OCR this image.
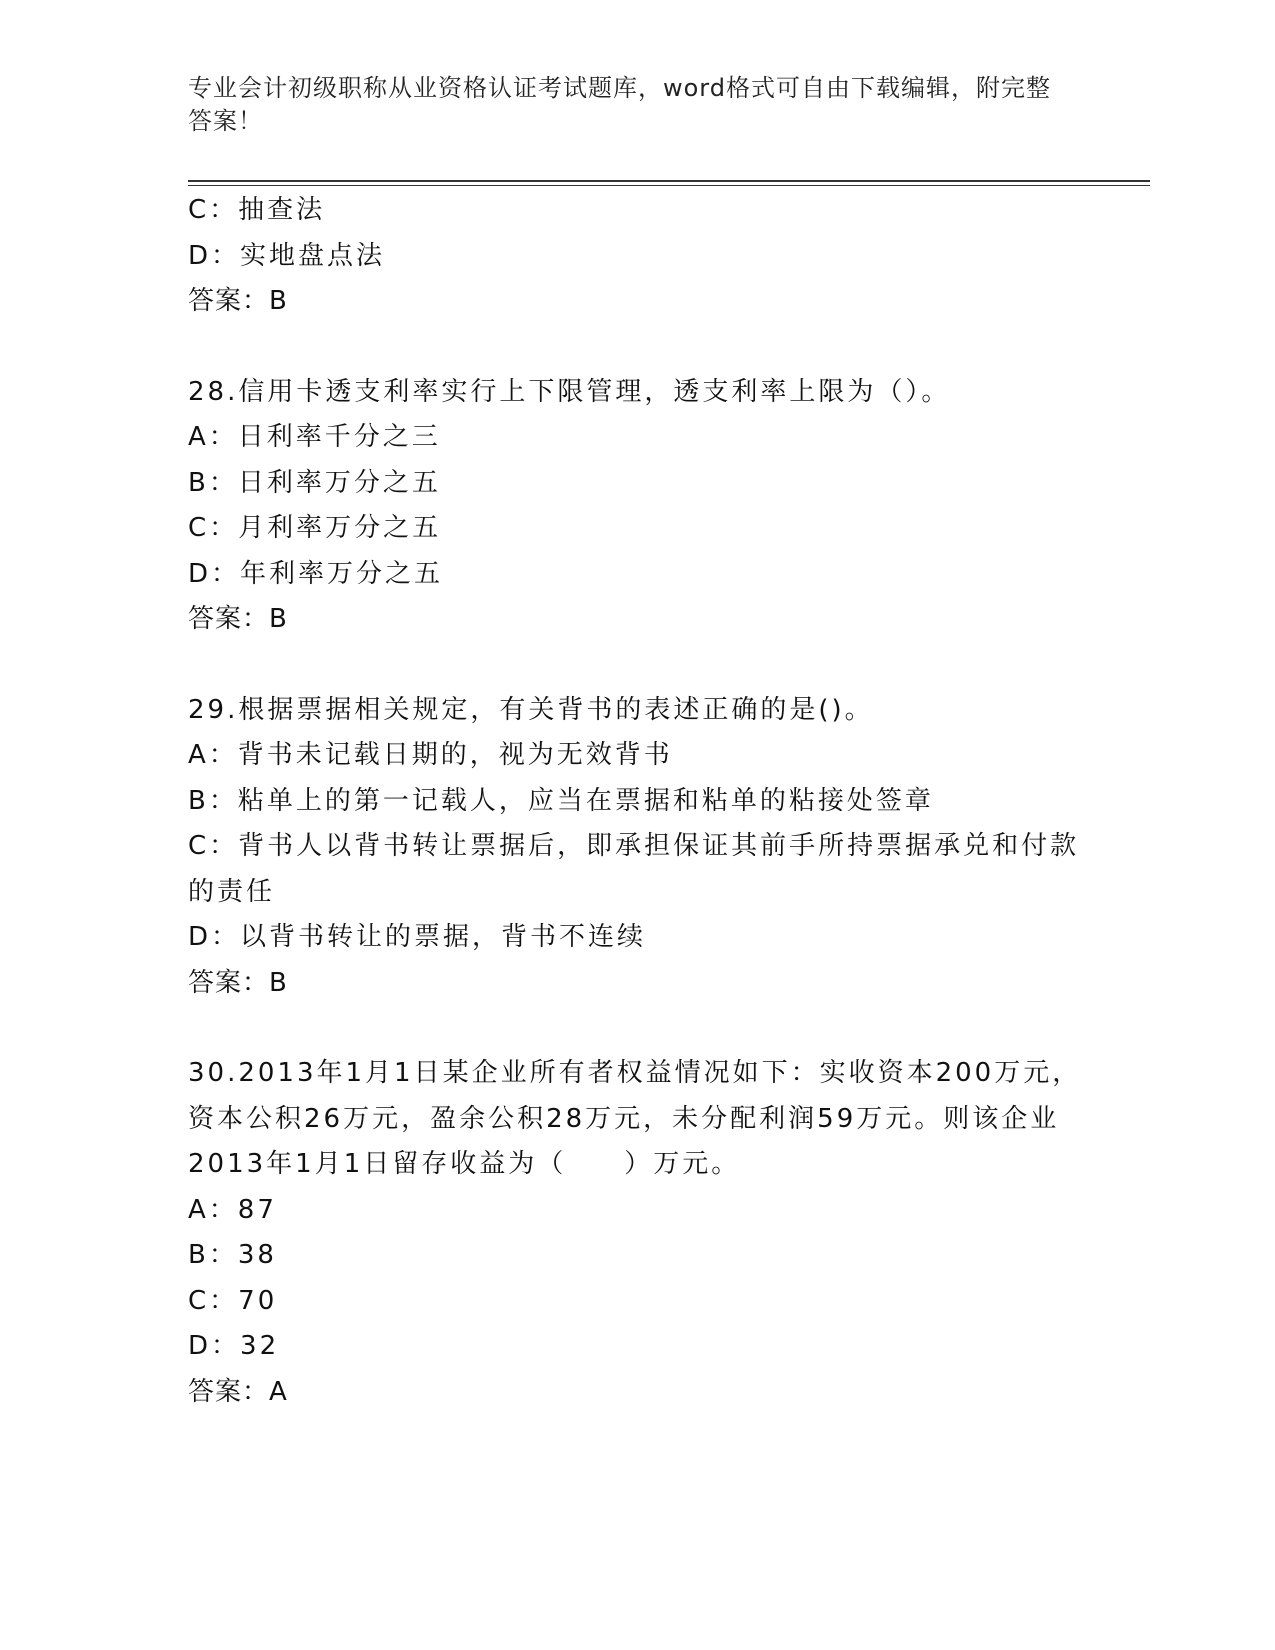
专业会计初级职称从业资格认证考试题库，word格式可自由下载编辑，附完整答案！
C：抽查法
D：实地盘点法
答案：B
28.信用卡透支利率实行上下限管理，透支利率上限为（）。
A：日利率千分之三
B：日利率万分之五
C：月利率万分之五
D：年利率万分之五
答案：B
29.根据票据相关规定，有关背书的表述正确的是()。
A：背书未记载日期的，视为无效背书
B：粘单上的第一记载人，应当在票据和粘单的粘接处签章
C：背书人以背书转让票据后，即承担保证其前手所持票据承兑和付款的责任
D：以背书转让的票据，背书不连续
答案：B
30.2013年1月1日某企业所有者权益情况如下：实收资本200万元，资本公积26万元，盈余公积28万元，未分配利润59万元。则该企业2013年1月1日留存收益为（　　）万元。
A：87
B：38
C：70
D：32
答案：A
